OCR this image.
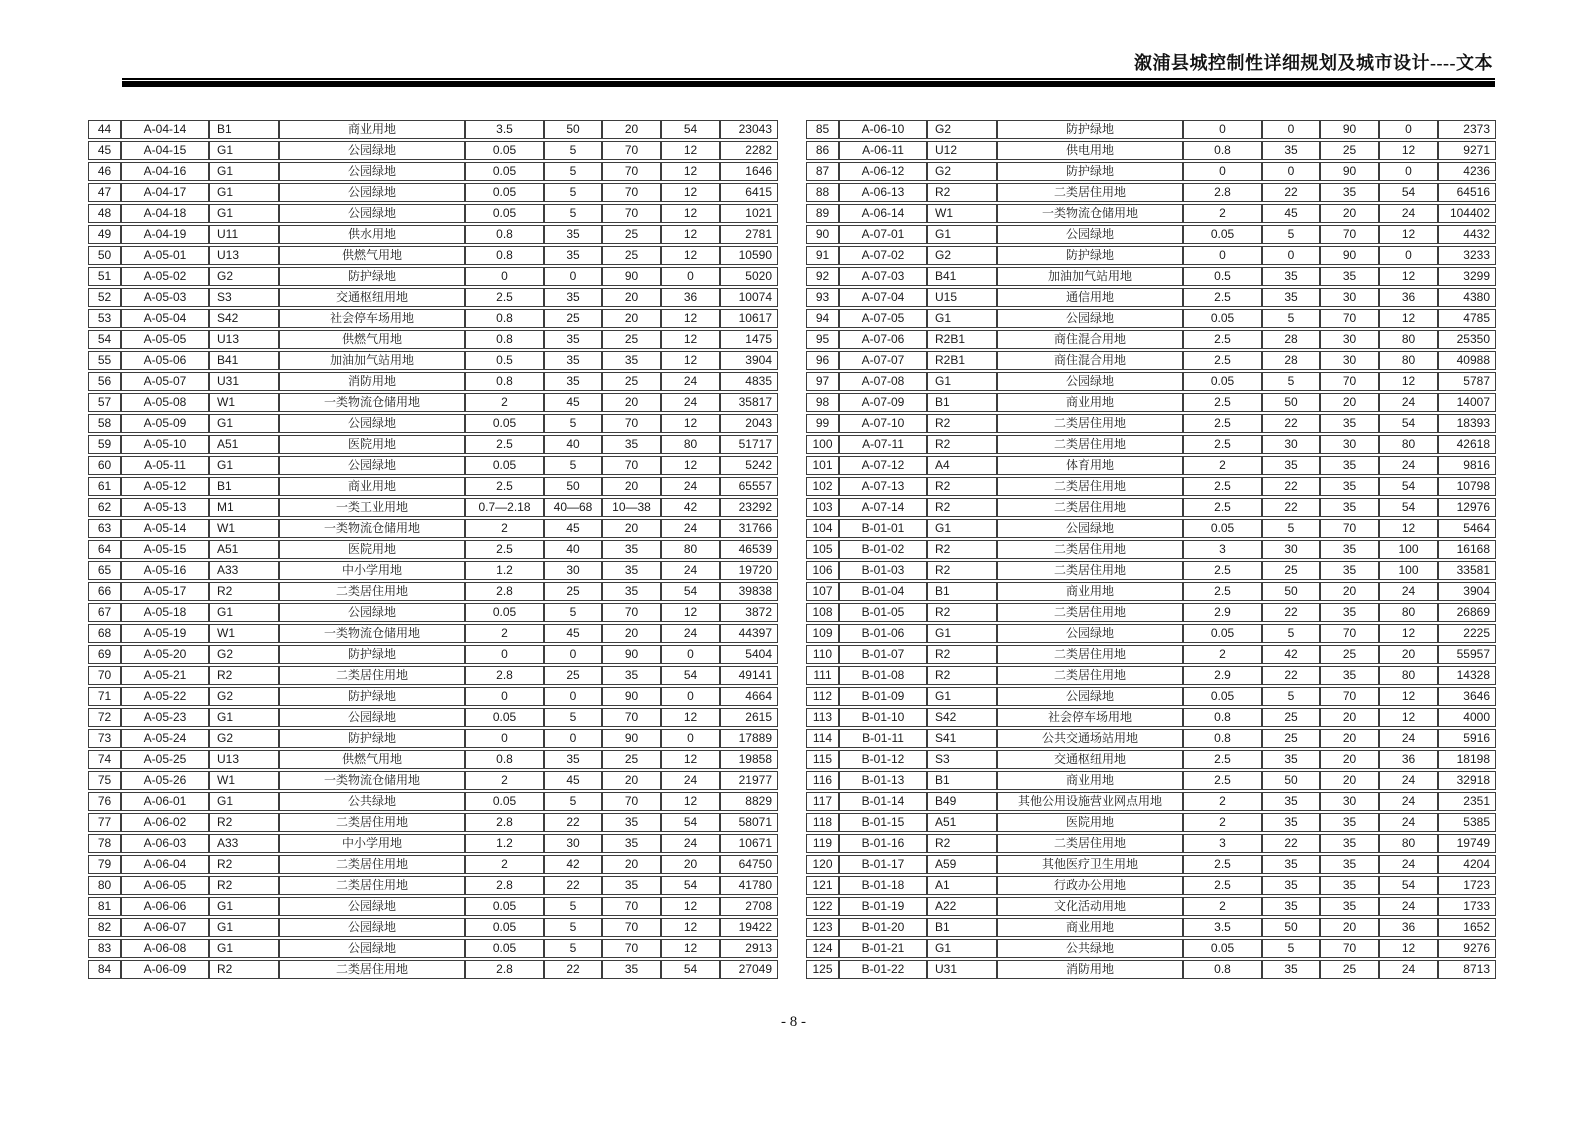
溆浦县城控制性详细规划及城市设计----文本
44	A-04-14	B1	商业用地	3.5	50	20	54	23043
45	A-04-15	G1	公园绿地	0.05	5	70	12	2282
46	A-04-16	G1	公园绿地	0.05	5	70	12	1646
47	A-04-17	G1	公园绿地	0.05	5	70	12	6415
48	A-04-18	G1	公园绿地	0.05	5	70	12	1021
49	A-04-19	U11	供水用地	0.8	35	25	12	2781
50	A-05-01	U13	供燃气用地	0.8	35	25	12	10590
51	A-05-02	G2	防护绿地	0	0	90	0	5020
52	A-05-03	S3	交通枢纽用地	2.5	35	20	36	10074
53	A-05-04	S42	社会停车场用地	0.8	25	20	12	10617
54	A-05-05	U13	供燃气用地	0.8	35	25	12	1475
55	A-05-06	B41	加油加气站用地	0.5	35	35	12	3904
56	A-05-07	U31	消防用地	0.8	35	25	24	4835
57	A-05-08	W1	一类物流仓储用地	2	45	20	24	35817
58	A-05-09	G1	公园绿地	0.05	5	70	12	2043
59	A-05-10	A51	医院用地	2.5	40	35	80	51717
60	A-05-11	G1	公园绿地	0.05	5	70	12	5242
61	A-05-12	B1	商业用地	2.5	50	20	24	65557
62	A-05-13	M1	一类工业用地	0.7—2.18	40—68	10—38	42	23292
63	A-05-14	W1	一类物流仓储用地	2	45	20	24	31766
64	A-05-15	A51	医院用地	2.5	40	35	80	46539
65	A-05-16	A33	中小学用地	1.2	30	35	24	19720
66	A-05-17	R2	二类居住用地	2.8	25	35	54	39838
67	A-05-18	G1	公园绿地	0.05	5	70	12	3872
68	A-05-19	W1	一类物流仓储用地	2	45	20	24	44397
69	A-05-20	G2	防护绿地	0	0	90	0	5404
70	A-05-21	R2	二类居住用地	2.8	25	35	54	49141
71	A-05-22	G2	防护绿地	0	0	90	0	4664
72	A-05-23	G1	公园绿地	0.05	5	70	12	2615
73	A-05-24	G2	防护绿地	0	0	90	0	17889
74	A-05-25	U13	供燃气用地	0.8	35	25	12	19858
75	A-05-26	W1	一类物流仓储用地	2	45	20	24	21977
76	A-06-01	G1	公共绿地	0.05	5	70	12	8829
77	A-06-02	R2	二类居住用地	2.8	22	35	54	58071
78	A-06-03	A33	中小学用地	1.2	30	35	24	10671
79	A-06-04	R2	二类居住用地	2	42	20	20	64750
80	A-06-05	R2	二类居住用地	2.8	22	35	54	41780
81	A-06-06	G1	公园绿地	0.05	5	70	12	2708
82	A-06-07	G1	公园绿地	0.05	5	70	12	19422
83	A-06-08	G1	公园绿地	0.05	5	70	12	2913
84	A-06-09	R2	二类居住用地	2.8	22	35	54	27049
85	A-06-10	G2	防护绿地	0	0	90	0	2373
86	A-06-11	U12	供电用地	0.8	35	25	12	9271
87	A-06-12	G2	防护绿地	0	0	90	0	4236
88	A-06-13	R2	二类居住用地	2.8	22	35	54	64516
89	A-06-14	W1	一类物流仓储用地	2	45	20	24	104402
90	A-07-01	G1	公园绿地	0.05	5	70	12	4432
91	A-07-02	G2	防护绿地	0	0	90	0	3233
92	A-07-03	B41	加油加气站用地	0.5	35	35	12	3299
93	A-07-04	U15	通信用地	2.5	35	30	36	4380
94	A-07-05	G1	公园绿地	0.05	5	70	12	4785
95	A-07-06	R2B1	商住混合用地	2.5	28	30	80	25350
96	A-07-07	R2B1	商住混合用地	2.5	28	30	80	40988
97	A-07-08	G1	公园绿地	0.05	5	70	12	5787
98	A-07-09	B1	商业用地	2.5	50	20	24	14007
99	A-07-10	R2	二类居住用地	2.5	22	35	54	18393
100	A-07-11	R2	二类居住用地	2.5	30	30	80	42618
101	A-07-12	A4	体育用地	2	35	35	24	9816
102	A-07-13	R2	二类居住用地	2.5	22	35	54	10798
103	A-07-14	R2	二类居住用地	2.5	22	35	54	12976
104	B-01-01	G1	公园绿地	0.05	5	70	12	5464
105	B-01-02	R2	二类居住用地	3	30	35	100	16168
106	B-01-03	R2	二类居住用地	2.5	25	35	100	33581
107	B-01-04	B1	商业用地	2.5	50	20	24	3904
108	B-01-05	R2	二类居住用地	2.9	22	35	80	26869
109	B-01-06	G1	公园绿地	0.05	5	70	12	2225
110	B-01-07	R2	二类居住用地	2	42	25	20	55957
111	B-01-08	R2	二类居住用地	2.9	22	35	80	14328
112	B-01-09	G1	公园绿地	0.05	5	70	12	3646
113	B-01-10	S42	社会停车场用地	0.8	25	20	12	4000
114	B-01-11	S41	公共交通场站用地	0.8	25	20	24	5916
115	B-01-12	S3	交通枢纽用地	2.5	35	20	36	18198
116	B-01-13	B1	商业用地	2.5	50	20	24	32918
117	B-01-14	B49	其他公用设施营业网点用地	2	35	30	24	2351
118	B-01-15	A51	医院用地	2	35	35	24	5385
119	B-01-16	R2	二类居住用地	3	22	35	80	19749
120	B-01-17	A59	其他医疗卫生用地	2.5	35	35	24	4204
121	B-01-18	A1	行政办公用地	2.5	35	35	54	1723
122	B-01-19	A22	文化活动用地	2	35	35	24	1733
123	B-01-20	B1	商业用地	3.5	50	20	36	1652
124	B-01-21	G1	公共绿地	0.05	5	70	12	9276
125	B-01-22	U31	消防用地	0.8	35	25	24	8713
- 8 -
